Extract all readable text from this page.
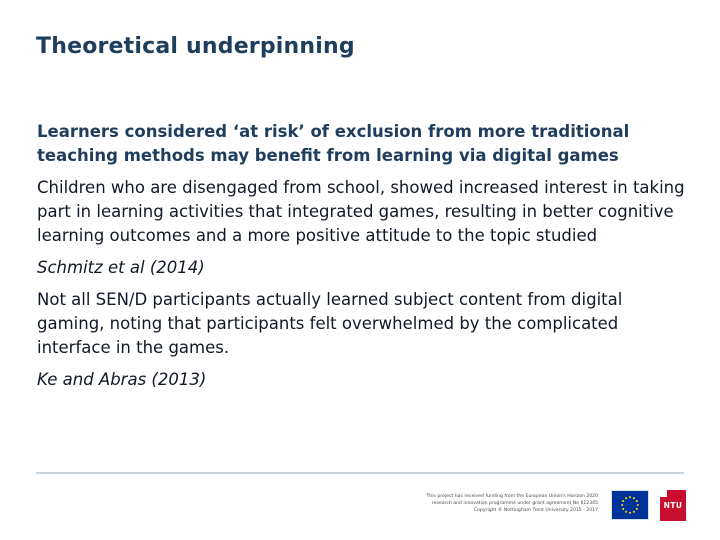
Theoretical underpinning

Learners considered ‘at risk’ of exclusion from more traditional teaching methods may benefit from learning via digital games

Children who are disengaged from school, showed increased interest in taking part in learning activities that integrated games, resulting in better cognitive learning outcomes and a more positive attitude to the topic studied

Schmitz et al (2014)

Not all SEN/D participants actually learned subject content from digital gaming, noting that participants felt overwhelmed by the complicated interface in the games.

Ke and Abras (2013)

This project has received funding from the European Union's Horizon 2020
research and innovation programme under grant agreement No 612345
Copyright © Nottingham Trent University 2015 - 2017
NTU
